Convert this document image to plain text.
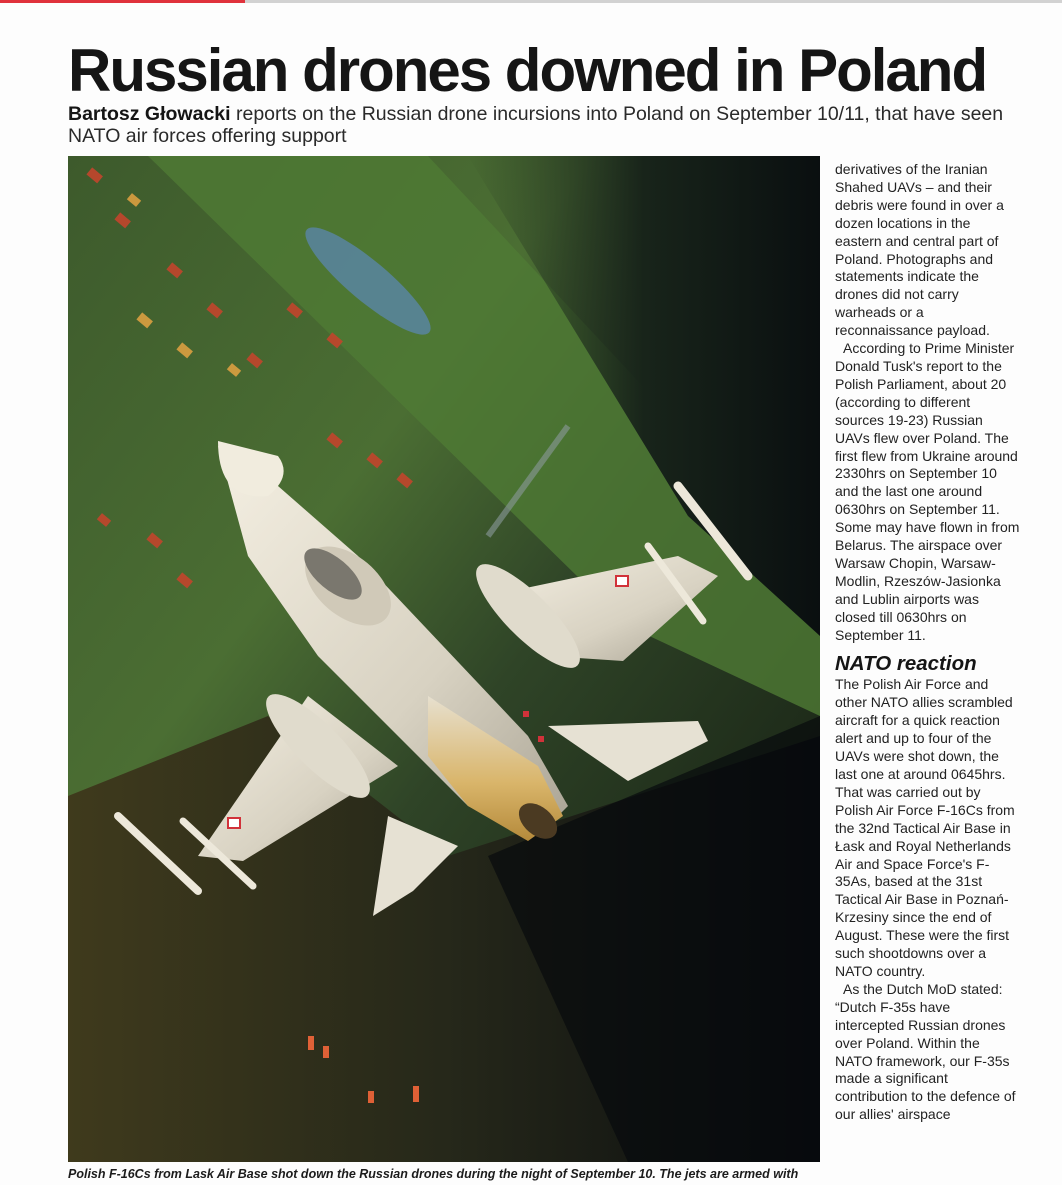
Russian drones downed in Poland

Bartosz Głowacki reports on the Russian drone incursions into Poland on September 10/11, that have seen NATO air forces offering support

Polish F-16Cs from Lask Air Base shot down the Russian drones during the night of September 10. The jets are armed with

derivatives of the Iranian Shahed UAVs – and their debris were found in over a dozen locations in the eastern and central part of Poland. Photographs and statements indicate the drones did not carry warheads or a reconnaissance payload.

According to Prime Minister Donald Tusk's report to the Polish Parliament, about 20 (according to different sources 19-23) Russian UAVs flew over Poland. The first flew from Ukraine around 2330hrs on September 10 and the last one around 0630hrs on September 11. Some may have flown in from Belarus. The airspace over Warsaw Chopin, Warsaw-Modlin, Rzeszów-Jasionka and Lublin airports was closed till 0630hrs on September 11.

NATO reaction

The Polish Air Force and other NATO allies scrambled aircraft for a quick reaction alert and up to four of the UAVs were shot down, the last one at around 0645hrs. That was carried out by Polish Air Force F-16Cs from the 32nd Tactical Air Base in Łask and Royal Netherlands Air and Space Force's F-35As, based at the 31st Tactical Air Base in Poznań-Krzesiny since the end of August. These were the first such shootdowns over a NATO country.

As the Dutch MoD stated: “Dutch F-35s have intercepted Russian drones over Poland. Within the NATO framework, our F-35s made a significant contribution to the defence of our allies' airspace
